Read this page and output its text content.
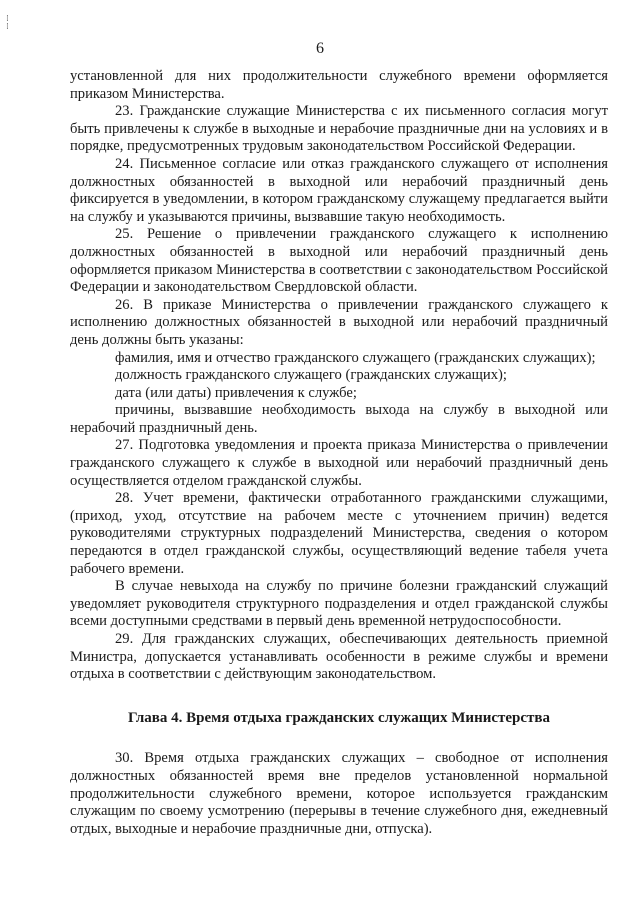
⁞
⁞
6

установленной для них продолжительности служебного времени оформляется приказом Министерства.

23. Гражданские служащие Министерства с их письменного согласия могут быть привлечены к службе в выходные и нерабочие праздничные дни на условиях и в порядке, предусмотренных трудовым законодательством Российской Федерации.

24. Письменное согласие или отказ гражданского служащего от исполнения должностных обязанностей в выходной или нерабочий праздничный день фиксируется в уведомлении, в котором гражданскому служащему предлагается выйти на службу и указываются причины, вызвавшие такую необходимость.

25. Решение о привлечении гражданского служащего к исполнению должностных обязанностей в выходной или нерабочий праздничный день оформляется приказом Министерства в соответствии с законодательством Российской Федерации и законодательством Свердловской области.

26. В приказе Министерства о привлечении гражданского служащего к исполнению должностных обязанностей в выходной или нерабочий праздничный день должны быть указаны:

фамилия, имя и отчество гражданского служащего (гражданских служащих);

должность гражданского служащего (гражданских служащих);

дата (или даты) привлечения к службе;

причины, вызвавшие необходимость выхода на службу в выходной или нерабочий праздничный день.

27. Подготовка уведомления и проекта приказа Министерства о привлечении гражданского служащего к службе в выходной или нерабочий праздничный день осуществляется отделом гражданской службы.

28. Учет времени, фактически отработанного гражданскими служащими, (приход, уход, отсутствие на рабочем месте с уточнением причин) ведется руководителями структурных подразделений Министерства, сведения о котором передаются в отдел гражданской службы, осуществляющий ведение табеля учета рабочего времени.

В случае невыхода на службу по причине болезни гражданский служащий уведомляет руководителя структурного подразделения и отдел гражданской службы всеми доступными средствами в первый день временной нетрудоспособности.

29. Для гражданских служащих, обеспечивающих деятельность приемной Министра, допускается устанавливать особенности в режиме службы и времени отдыха в соответствии с действующим законодательством.

Глава 4. Время отдыха гражданских служащих Министерства

30. Время отдыха гражданских служащих – свободное от исполнения должностных обязанностей время вне пределов установленной нормальной продолжительности служебного времени, которое используется гражданским служащим по своему усмотрению (перерывы в течение служебного дня, ежедневный отдых, выходные и нерабочие праздничные дни, отпуска).
